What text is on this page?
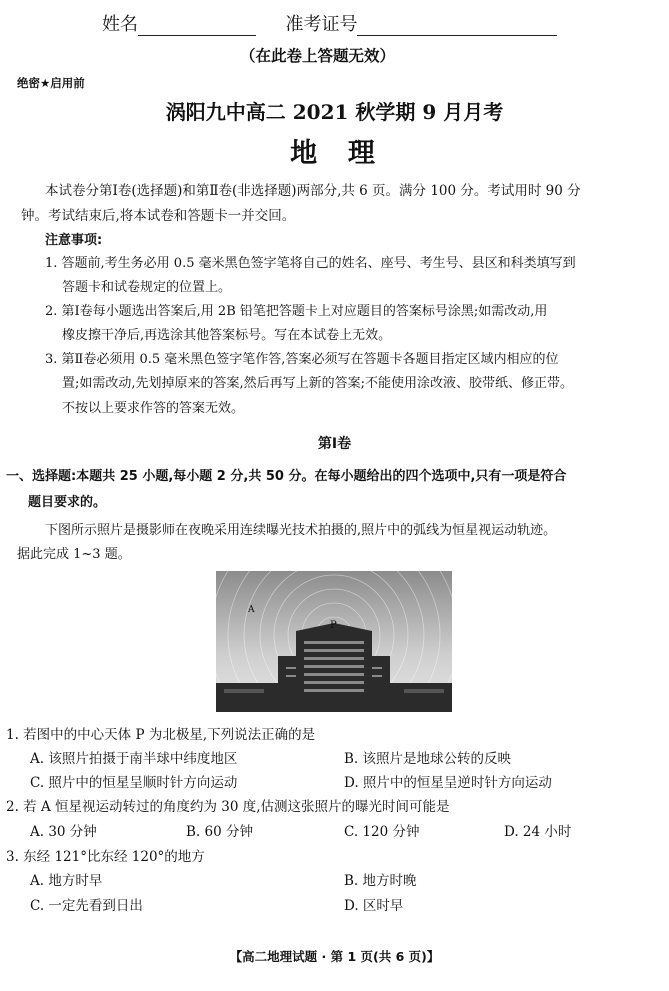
姓名	准考证号
（在此卷上答题无效）
绝密★启用前
涡阳九中高二 2021 秋学期 9 月月考
地  理
本试卷分第Ⅰ卷(选择题)和第Ⅱ卷(非选择题)两部分,共 6 页。满分 100 分。考试用时 90 分
钟。考试结束后,将本试卷和答题卡一并交回。
注意事项:
1. 答题前,考生务必用 0.5 毫米黑色签字笔将自己的姓名、座号、考生号、县区和科类填写到
答题卡和试卷规定的位置上。
2. 第Ⅰ卷每小题选出答案后,用 2B 铅笔把答题卡上对应题目的答案标号涂黑;如需改动,用
橡皮擦干净后,再选涂其他答案标号。写在本试卷上无效。
3. 第Ⅱ卷必须用 0.5 毫米黑色签字笔作答,答案必须写在答题卡各题目指定区域内相应的位
置;如需改动,先划掉原来的答案,然后再写上新的答案;不能使用涂改液、胶带纸、修正带。
不按以上要求作答的答案无效。
第Ⅰ卷
一、选择题:本题共 25 小题,每小题 2 分,共 50 分。在每小题给出的四个选项中,只有一项是符合
题目要求的。
下图所示照片是摄影师在夜晚采用连续曝光技术拍摄的,照片中的弧线为恒星视运动轨迹。
据此完成 1~3 题。
A
P
1. 若图中的中心天体 P 为北极星,下列说法正确的是
A. 该照片拍摄于南半球中纬度地区	B. 该照片是地球公转的反映
C. 照片中的恒星呈顺时针方向运动	D. 照片中的恒星呈逆时针方向运动
2. 若 A 恒星视运动转过的角度约为 30 度,估测这张照片的曝光时间可能是
A. 30 分钟	B. 60 分钟	C. 120 分钟	D. 24 小时
3. 东经 121°比东经 120°的地方
A. 地方时早	B. 地方时晚
C. 一定先看到日出	D. 区时早
【高二地理试题 · 第 1 页(共 6 页)】
